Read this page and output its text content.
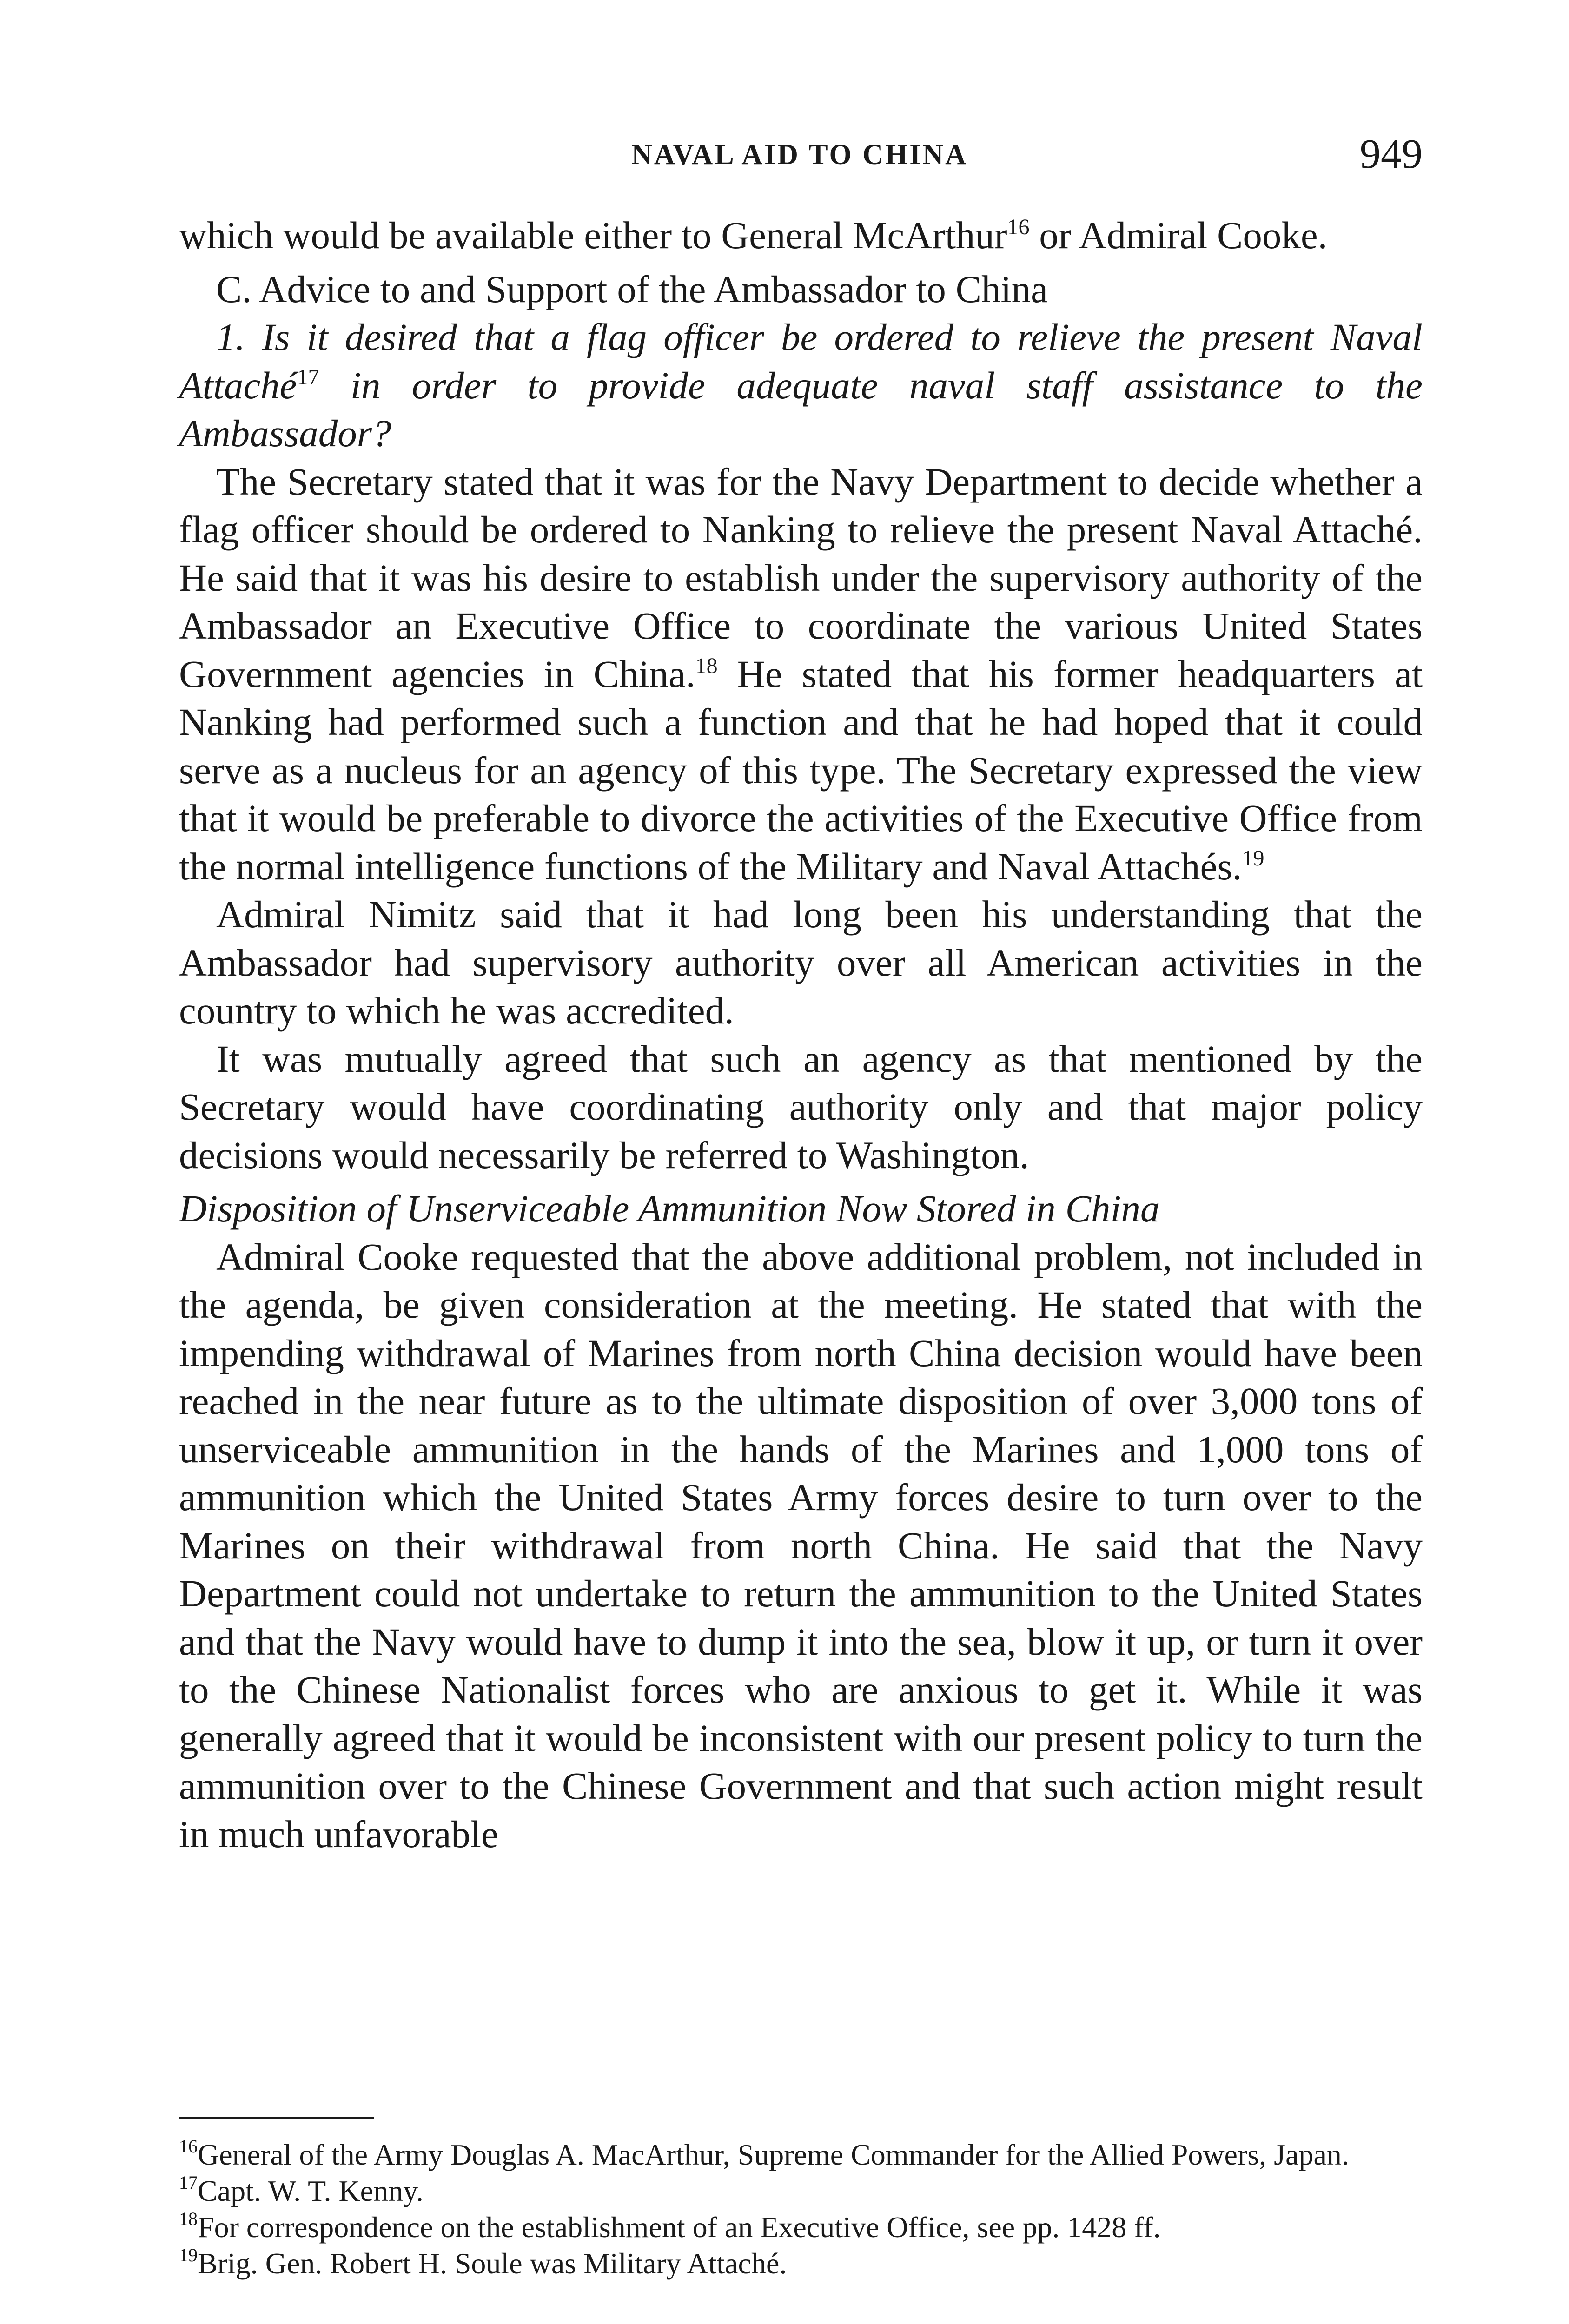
NAVAL AID TO CHINA	949

which would be available either to General McArthur$^{16}$ or Admiral Cooke.

C. Advice to and Support of the Ambassador to China

1. Is it desired that a flag officer be ordered to relieve the present Naval Attaché$^{17}$ in order to provide adequate naval staff assistance to the Ambassador?

The Secretary stated that it was for the Navy Department to decide whether a flag officer should be ordered to Nanking to relieve the present Naval Attaché. He said that it was his desire to establish under the supervisory authority of the Ambassador an Executive Office to coordinate the various United States Government agencies in China.$^{18}$ He stated that his former headquarters at Nanking had performed such a function and that he had hoped that it could serve as a nucleus for an agency of this type. The Secretary expressed the view that it would be preferable to divorce the activities of the Executive Office from the normal intelligence functions of the Military and Naval Attachés.$^{19}$

Admiral Nimitz said that it had long been his understanding that the Ambassador had supervisory authority over all American activities in the country to which he was accredited.

It was mutually agreed that such an agency as that mentioned by the Secretary would have coordinating authority only and that major policy decisions would necessarily be referred to Washington.

Disposition of Unserviceable Ammunition Now Stored in China

Admiral Cooke requested that the above additional problem, not included in the agenda, be given consideration at the meeting. He stated that with the impending withdrawal of Marines from north China decision would have been reached in the near future as to the ultimate disposition of over 3,000 tons of unserviceable ammunition in the hands of the Marines and 1,000 tons of ammunition which the United States Army forces desire to turn over to the Marines on their withdrawal from north China. He said that the Navy Department could not undertake to return the ammunition to the United States and that the Navy would have to dump it into the sea, blow it up, or turn it over to the Chinese Nationalist forces who are anxious to get it. While it was generally agreed that it would be inconsistent with our present policy to turn the ammunition over to the Chinese Government and that such action might result in much unfavorable

$^{16}$General of the Army Douglas A. MacArthur, Supreme Commander for the Allied Powers, Japan.

$^{17}$Capt. W. T. Kenny.

$^{18}$For correspondence on the establishment of an Executive Office, see pp. 1428 ff.

$^{19}$Brig. Gen. Robert H. Soule was Military Attaché.
